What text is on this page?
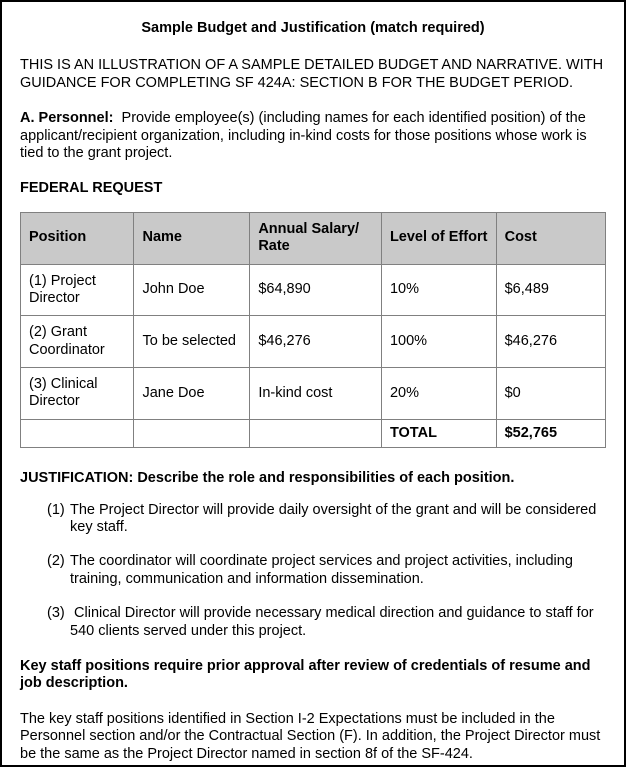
Sample Budget and Justification (match required)
THIS IS AN ILLUSTRATION OF A SAMPLE DETAILED BUDGET AND NARRATIVE. WITH GUIDANCE FOR COMPLETING SF 424A: SECTION B FOR THE BUDGET PERIOD.
A. Personnel:  Provide employee(s) (including names for each identified position) of the applicant/recipient organization, including in-kind costs for those positions whose work is tied to the grant project.
FEDERAL REQUEST
Position	Name	Annual Salary/ Rate	Level of Effort	Cost
(1) Project Director	John Doe	$64,890	10%	$6,489
(2) Grant Coordinator	To be selected	$46,276	100%	$46,276
(3) Clinical Director	Jane Doe	In-kind cost	20%	$0
			TOTAL	$52,765
JUSTIFICATION: Describe the role and responsibilities of each position.
(1) The Project Director will provide daily oversight of the grant and will be considered key staff.
(2) The coordinator will coordinate project services and project activities, including training, communication and information dissemination.
(3) Clinical Director will provide necessary medical direction and guidance to staff for 540 clients served under this project.
Key staff positions require prior approval after review of credentials of resume and job description.
The key staff positions identified in Section I-2 Expectations must be included in the Personnel section and/or the Contractual Section (F). In addition, the Project Director must be the same as the Project Director named in section 8f of the SF-424.
